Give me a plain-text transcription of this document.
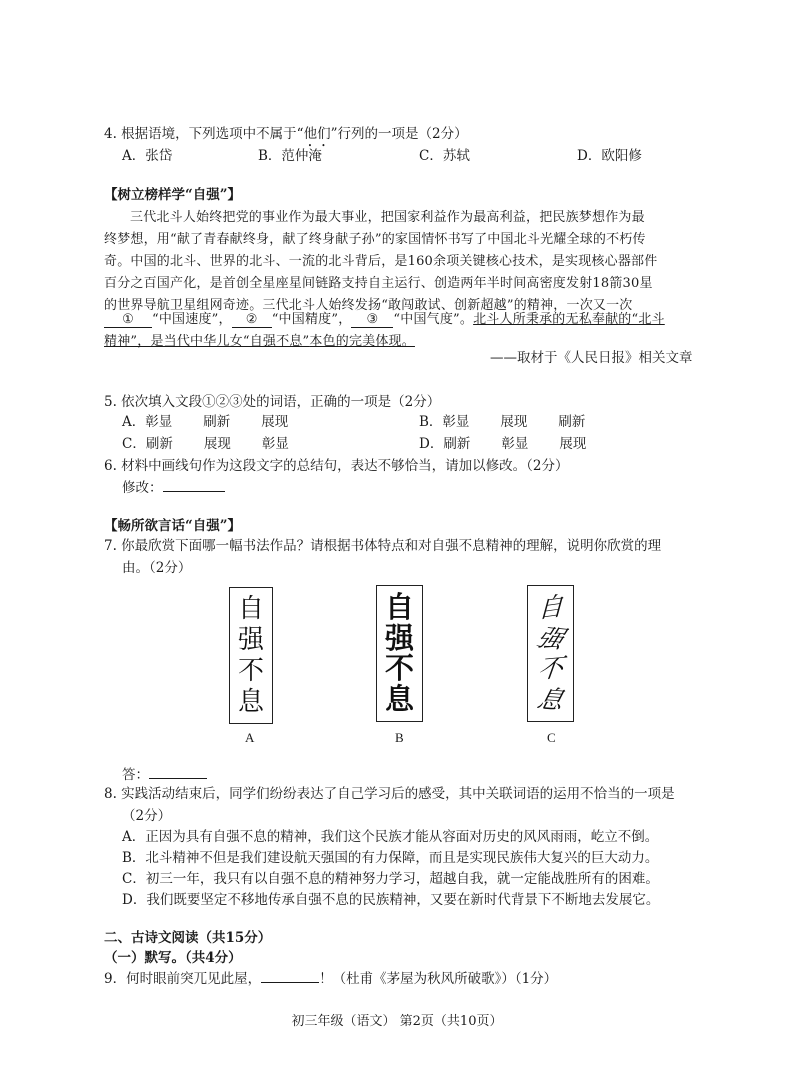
4. 根据语境，下列选项中不属于“他们”行列的一项是（2分）
A．张岱	B．范仲淹	C．苏轼	D．欧阳修
【树立榜样学“自强”】
三代北斗人始终把党的事业作为最大事业，把国家利益作为最高利益，把民族梦想作为最
终梦想，用“献了青春献终身，献了终身献子孙”的家国情怀书写了中国北斗光耀全球的不朽传
奇。中国的北斗、世界的北斗、一流的北斗背后，是160余项关键核心技术，是实现核心器部件
百分之百国产化，是首创全星座星间链路支持自主运行、创造两年半时间高密度发射18箭30星
的世界导航卫星组网奇迹。三代北斗人始终发扬“敢闯敢试、创新超越”的精神，一次又一次
① “中国速度”， ② “中国精度”， ③ “中国气度”。北斗人所秉承的无私奉献的“北斗
精神”，是当代中华儿女“自强不息”本色的完美体现。
——取材于《人民日报》相关文章
5. 依次填入文段①②③处的词语，正确的一项是（2分）
A．彰显 刷新 展现	B．彰显 展现 刷新
C．刷新 展现 彰显	D．刷新 彰显 展现
6. 材料中画线句作为这段文字的总结句，表达不够恰当，请加以修改。（2分）
修改：
【畅所欲言话“自强”】
7. 你最欣赏下面哪一幅书法作品？请根据书体特点和对自强不息精神的理解，说明你欣赏的理
由。（2分）
自
强
不
息
A
自
强
不
息
B
自
强
不
息
C
答：
8. 实践活动结束后，同学们纷纷表达了自己学习后的感受，其中关联词语的运用不恰当的一项是
（2分）
A．正因为具有自强不息的精神，我们这个民族才能从容面对历史的风风雨雨，屹立不倒。
B．北斗精神不但是我们建设航天强国的有力保障，而且是实现民族伟大复兴的巨大动力。
C．初三一年，我只有以自强不息的精神努力学习，超越自我，就一定能战胜所有的困难。
D．我们既要坚定不移地传承自强不息的民族精神，又要在新时代背景下不断地去发展它。
二、古诗文阅读（共15分）
（一）默写。（共4分）
9．何时眼前突兀见此屋，	！（杜甫《茅屋为秋风所破歌》）（1分）
初三年级（语文） 第2页（共10页）
